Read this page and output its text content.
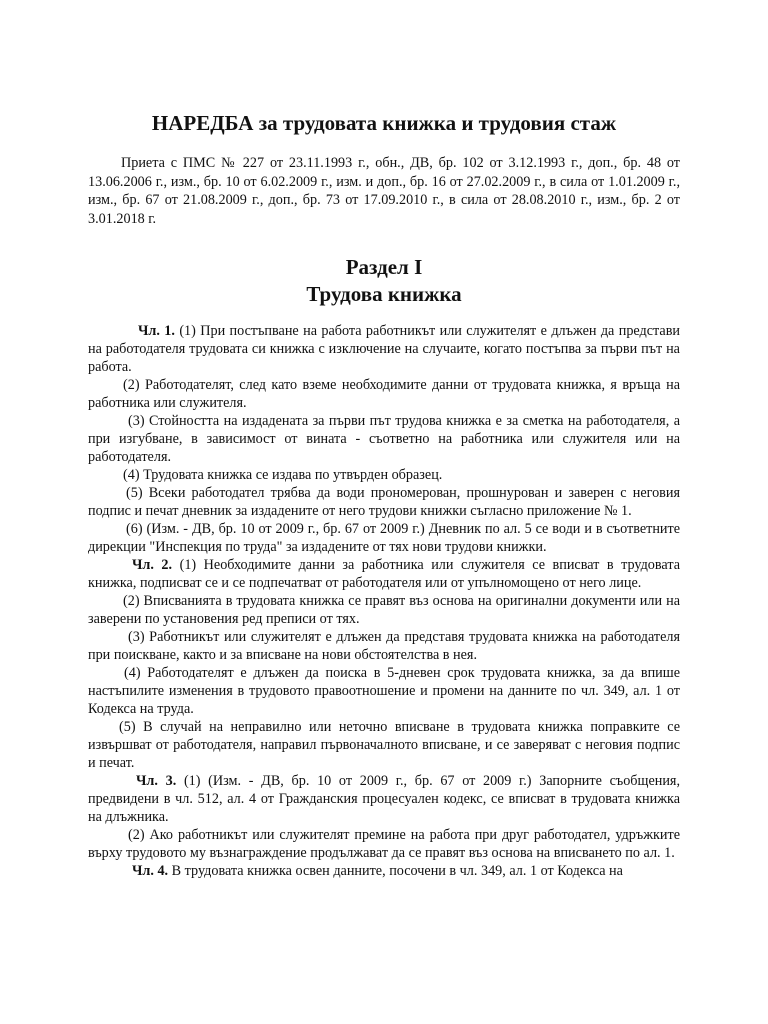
НАРЕДБА за трудовата книжка и трудовия стаж

Приета с ПМС № 227 от 23.11.1993 г., обн., ДВ, бр. 102 от 3.12.1993 г., доп., бр. 48 от 13.06.2006 г., изм., бр. 10 от 6.02.2009 г., изм. и доп., бр. 16 от 27.02.2009 г., в сила от 1.01.2009 г., изм., бр. 67 от 21.08.2009 г., доп., бр. 73 от 17.09.2010 г., в сила от 28.08.2010 г., изм., бр. 2 от 3.01.2018 г.

Раздел I
Трудова книжка

Чл. 1. (1) При постъпване на работа работникът или служителят е длъжен да представи на работодателя трудовата си книжка с изключение на случаите, когато постъпва за първи път на работа.

(2) Работодателят, след като вземе необходимите данни от трудовата книжка, я връща на работника или служителя.

(3) Стойността на издадената за първи път трудова книжка е за сметка на работодателя, а при изгубване, в зависимост от вината - съответно на работника или служителя или на работодателя.

(4) Трудовата книжка се издава по утвърден образец.

(5) Всеки работодател трябва да води прономерован, прошнурован и заверен с неговия подпис и печат дневник за издадените от него трудови книжки съгласно приложение № 1.

(6) (Изм. - ДВ, бр. 10 от 2009 г., бр. 67 от 2009 г.) Дневник по ал. 5 се води и в съответните дирекции "Инспекция по труда" за издадените от тях нови трудови книжки.

Чл. 2. (1) Необходимите данни за работника или служителя се вписват в трудовата книжка, подписват се и се подпечатват от работодателя или от упълномощено от него лице.

(2) Вписванията в трудовата книжка се правят въз основа на оригинални документи или на заверени по установения ред преписи от тях.

(3) Работникът или служителят е длъжен да представя трудовата книжка на работодателя при поискване, както и за вписване на нови обстоятелства в нея.

(4) Работодателят е длъжен да поиска в 5-дневен срок трудовата книжка, за да впише настъпилите изменения в трудовото правоотношение и промени на данните по чл. 349, ал. 1 от Кодекса на труда.

(5) В случай на неправилно или неточно вписване в трудовата книжка поправките се извършват от работодателя, направил първоначалното вписване, и се заверяват с неговия подпис и печат.

Чл. 3. (1) (Изм. - ДВ, бр. 10 от 2009 г., бр. 67 от 2009 г.) Запорните съобщения, предвидени в чл. 512, ал. 4 от Гражданския процесуален кодекс, се вписват в трудовата книжка на длъжника.

(2) Ако работникът или служителят премине на работа при друг работодател, удръжките върху трудовото му възнаграждение продължават да се правят въз основа на вписването по ал. 1.

Чл. 4. В трудовата книжка освен данните, посочени в чл. 349, ал. 1 от Кодекса на
